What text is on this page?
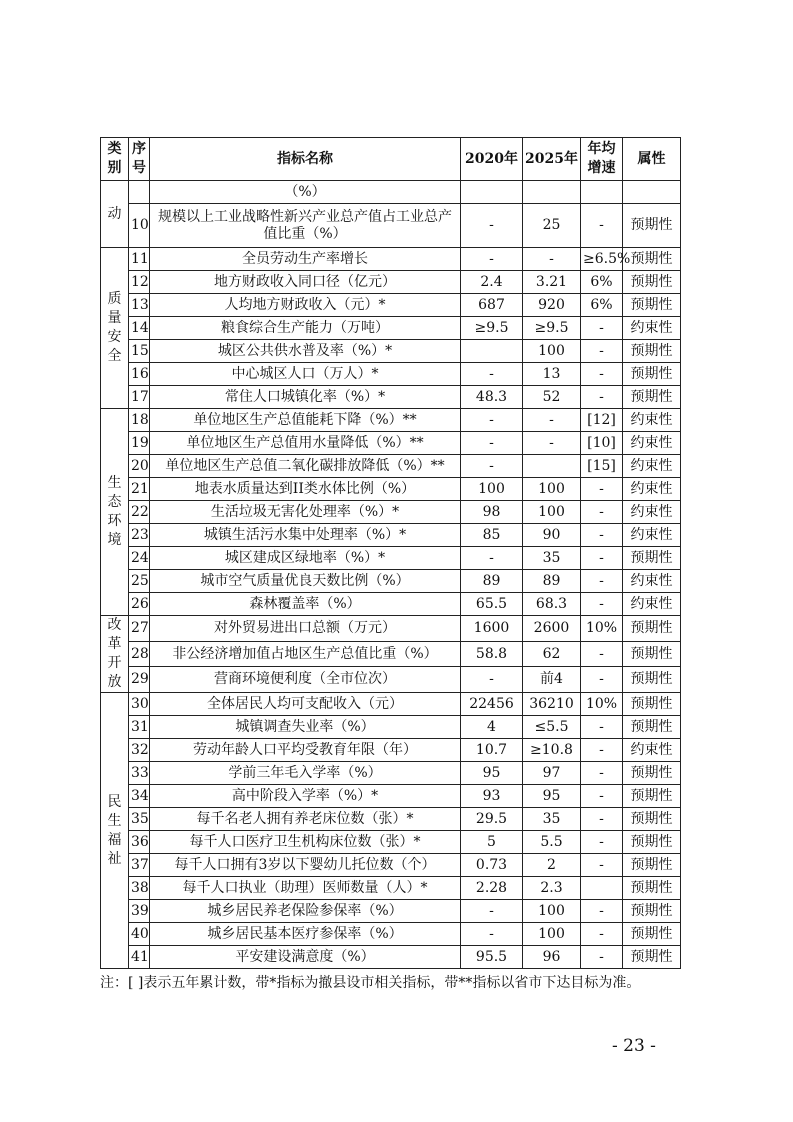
类别	序号	指标名称	2020年	2025年	年均增速	属性
动		（%）				
	10	规模以上工业战略性新兴产业总产值占工业总产值比重（%）	-	25	-	预期性
质量安全	11	全员劳动生产率增长	-	-	≥6.5%	预期性
	12	地方财政收入同口径（亿元）	2.4	3.21	6%	预期性
	13	人均地方财政收入（元）*	687	920	6%	预期性
	14	粮食综合生产能力（万吨）	≥9.5	≥9.5	-	约束性
	15	城区公共供水普及率（%）*		100	-	预期性
	16	中心城区人口（万人）*	-	13	-	预期性
	17	常住人口城镇化率（%）*	48.3	52	-	预期性
生态环境	18	单位地区生产总值能耗下降（%）**	-	-	[12]	约束性
	19	单位地区生产总值用水量降低（%）**	-	-	[10]	约束性
	20	单位地区生产总值二氧化碳排放降低（%）**	-		[15]	约束性
	21	地表水质量达到II类水体比例（%）	100	100	-	约束性
	22	生活垃圾无害化处理率（%）*	98	100	-	约束性
	23	城镇生活污水集中处理率（%）*	85	90	-	约束性
	24	城区建成区绿地率（%）*	-	35	-	预期性
	25	城市空气质量优良天数比例（%）	89	89	-	约束性
	26	森林覆盖率（%）	65.5	68.3	-	约束性
改革开放	27	对外贸易进出口总额（万元）	1600	2600	10%	预期性
	28	非公经济增加值占地区生产总值比重（%）	58.8	62	-	预期性
	29	营商环境便利度（全市位次）	-	前4	-	预期性
民生福祉	30	全体居民人均可支配收入（元）	22456	36210	10%	预期性
	31	城镇调查失业率（%）	4	≤5.5	-	预期性
	32	劳动年龄人口平均受教育年限（年）	10.7	≥10.8	-	约束性
	33	学前三年毛入学率（%）	95	97	-	预期性
	34	高中阶段入学率（%）*	93	95	-	预期性
	35	每千名老人拥有养老床位数（张）*	29.5	35	-	预期性
	36	每千人口医疗卫生机构床位数（张）*	5	5.5	-	预期性
	37	每千人口拥有3岁以下婴幼儿托位数（个）	0.73	2	-	预期性
	38	每千人口执业（助理）医师数量（人）*	2.28	2.3		预期性
	39	城乡居民养老保险参保率（%）	-	100	-	预期性
	40	城乡居民基本医疗参保率（%）	-	100	-	预期性
	41	平安建设满意度（%）	95.5	96	-	预期性
注：[ ]表示五年累计数，带*指标为撤县设市相关指标，带**指标以省市下达目标为准。
- 23 -
